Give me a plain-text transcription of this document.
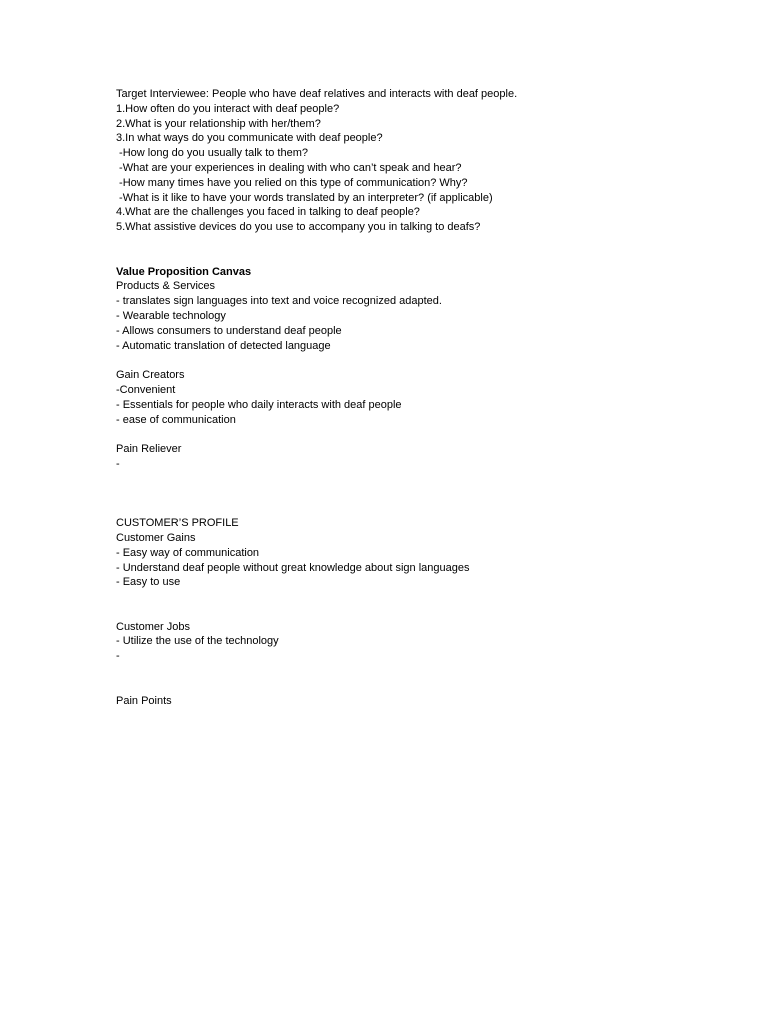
Target Interviewee: People who have deaf relatives and interacts with deaf people.
1.How often do you interact with deaf people?
2.What is your relationship with her/them?
3.In what ways do you communicate with deaf people?
-How long do you usually talk to them?
-What are your experiences in dealing with who can’t speak and hear?
-How many times have you relied on this type of communication? Why?
-What is it like to have your words translated by an interpreter? (if applicable)
4.What are the challenges you faced in talking to deaf people?
5.What assistive devices do you use to accompany you in talking to deafs?
Value Proposition Canvas
Products & Services
- translates sign languages into text and voice recognized adapted.
- Wearable technology
- Allows consumers to understand deaf people
- Automatic translation of detected language
Gain Creators
-Convenient
- Essentials for people who daily interacts with deaf people
- ease of communication
Pain Reliever
-
CUSTOMER’S PROFILE
Customer Gains
- Easy way of communication
- Understand deaf people without great knowledge about sign languages
- Easy to use
Customer Jobs
- Utilize the use of the technology
-
Pain Points
